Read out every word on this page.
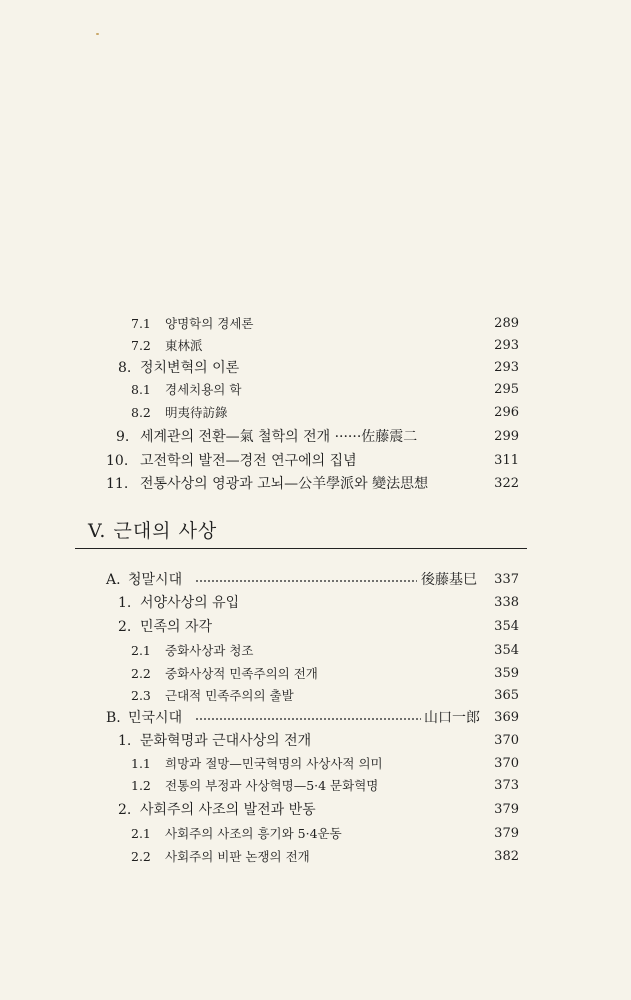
7.1 양명학의 경세론	289
7.2 東林派	293
8. 정치변혁의 이론	293
8.1 경세치용의 학	295
8.2 明夷待訪錄	296
9. 세계관의 전환—氣 철학의 전개 ······佐藤震二	299
10. 고전학의 발전—경전 연구에의 집념	311
11. 전통사상의 영광과 고뇌—公羊學派와 變法思想	322
V. 근대의 사상
A. 청말시대	後藤基巳 337
1. 서양사상의 유입	338
2. 민족의 자각	354
2.1 중화사상과 청조	354
2.2 중화사상적 민족주의의 전개	359
2.3 근대적 민족주의의 출발	365
B. 민국시대	山口一郎 369
1. 문화혁명과 근대사상의 전개	370
1.1 희망과 절망—민국혁명의 사상사적 의미	370
1.2 전통의 부정과 사상혁명—5·4 문화혁명	373
2. 사회주의 사조의 발전과 반동	379
2.1 사회주의 사조의 흥기와 5·4운동	379
2.2 사회주의 비판 논쟁의 전개	382
